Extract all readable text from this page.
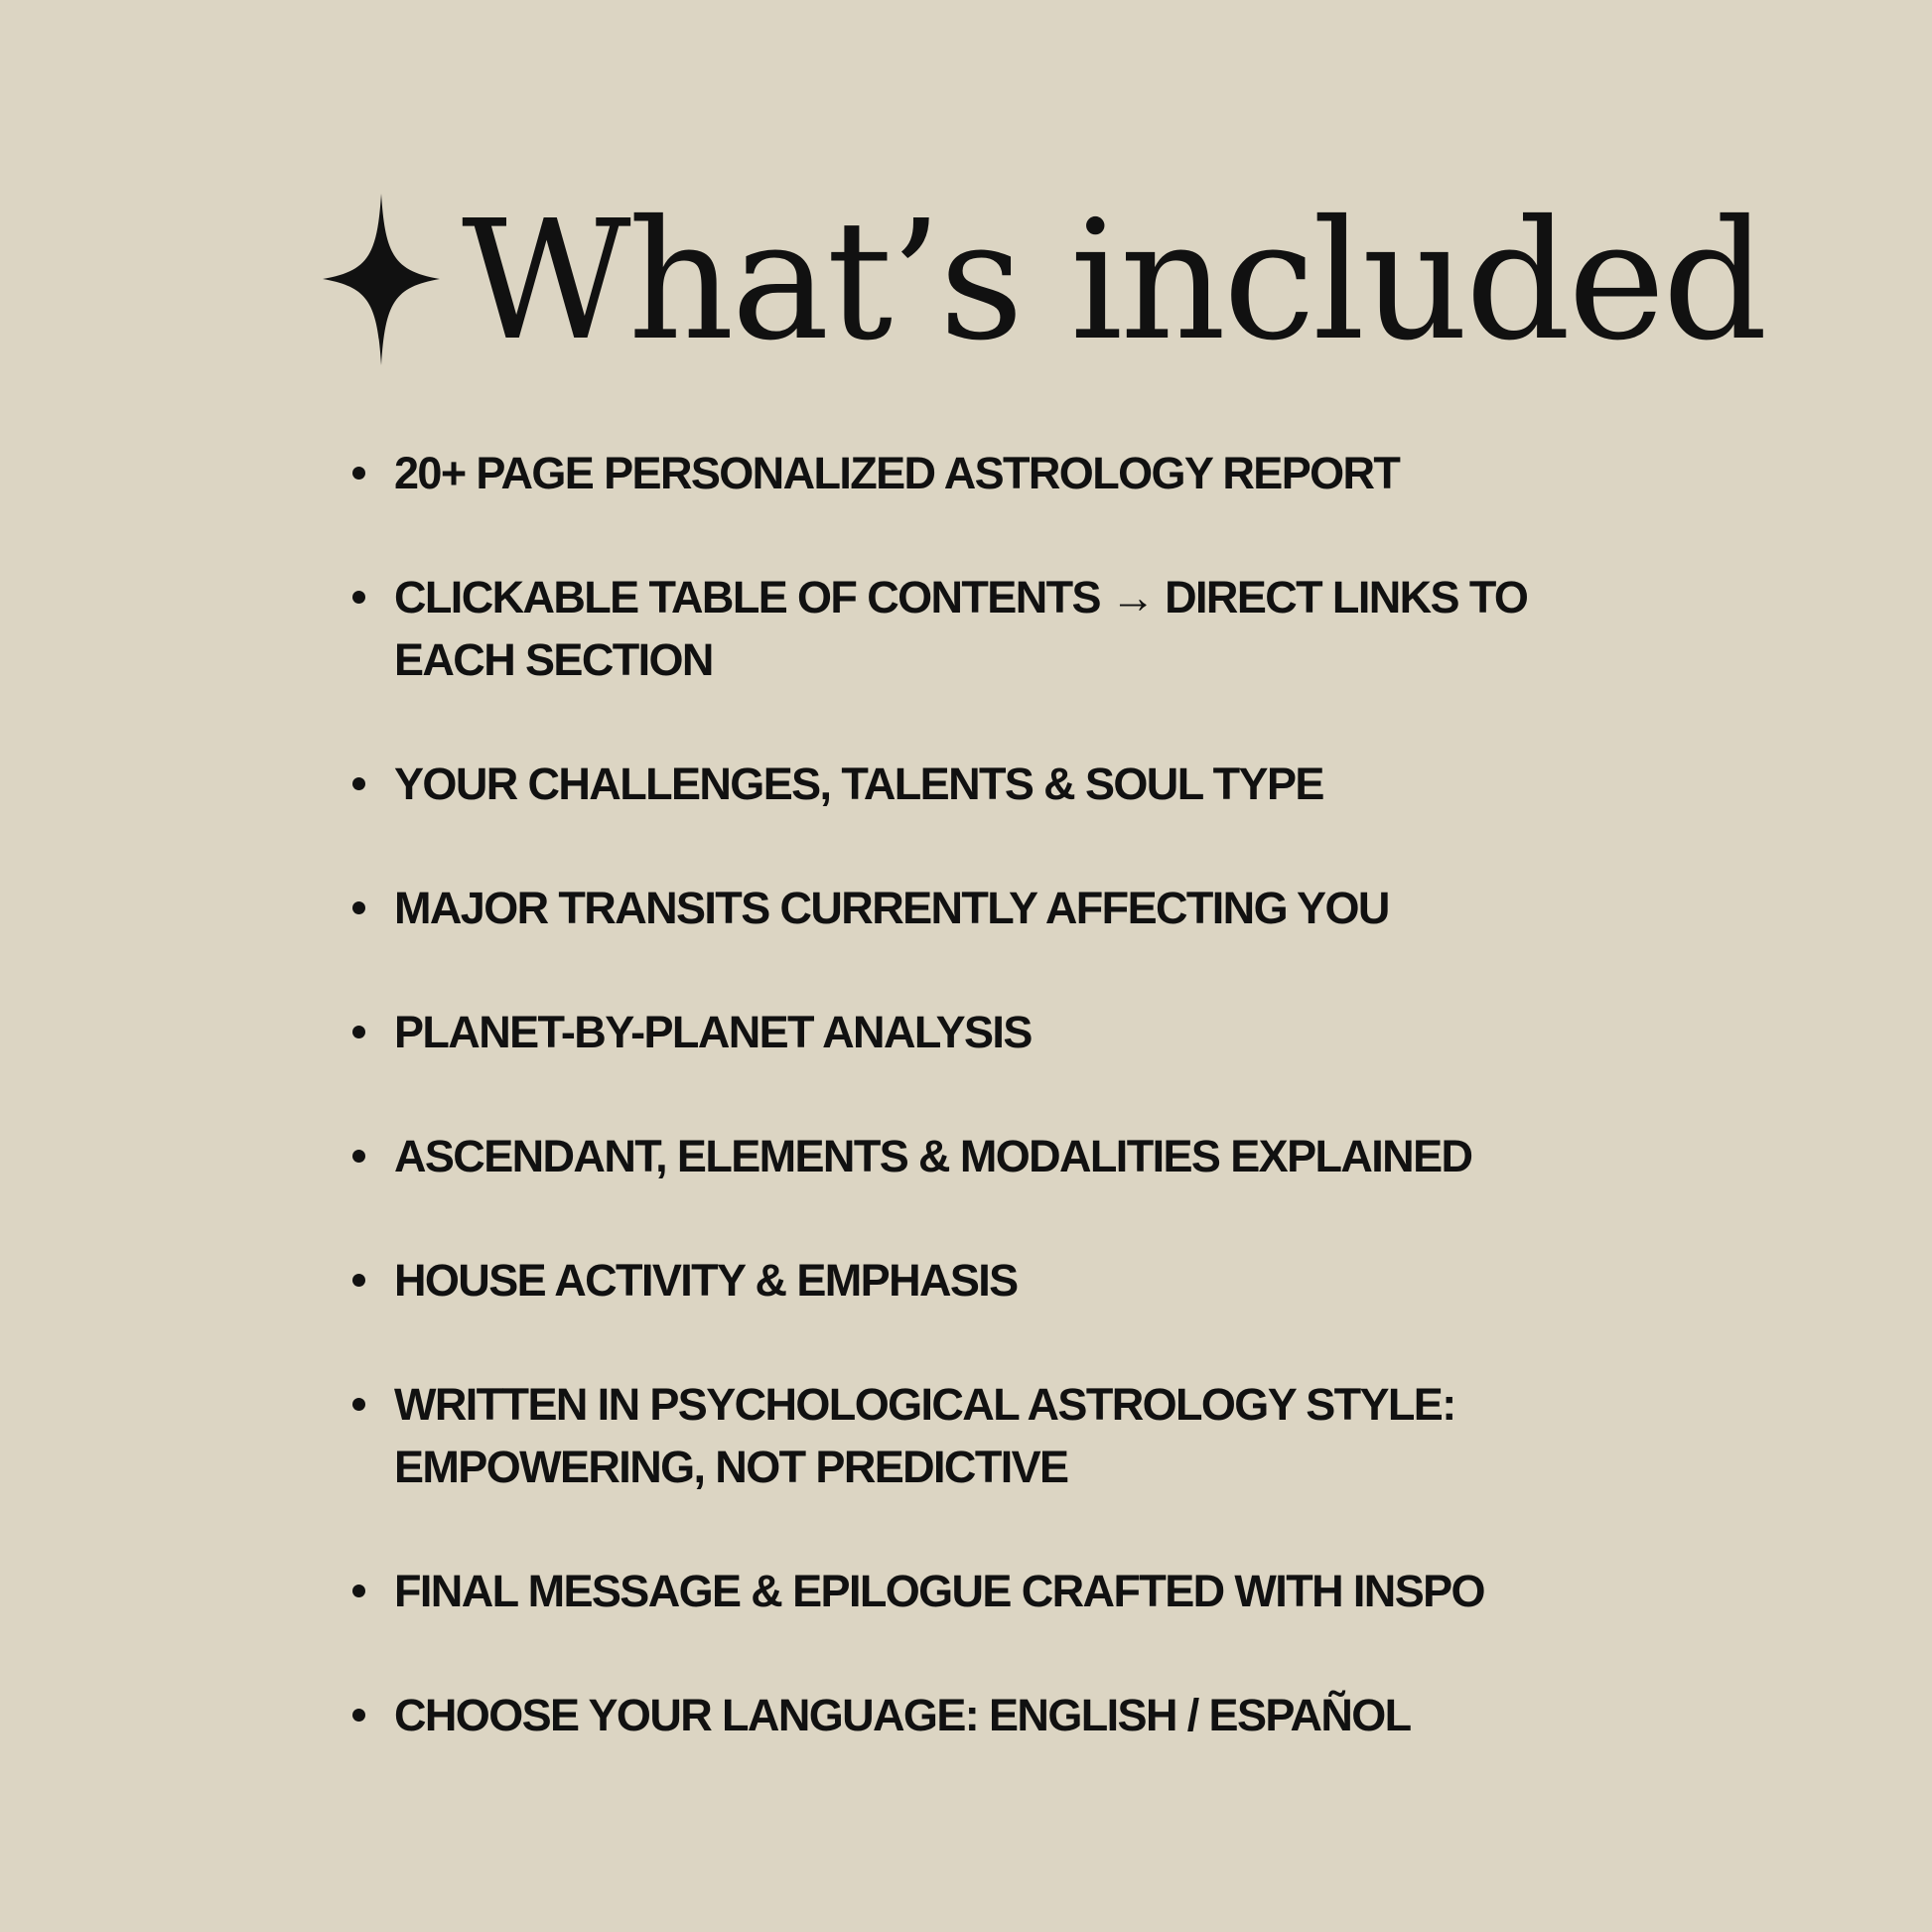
What’s included
20+ PAGE PERSONALIZED ASTROLOGY REPORT
CLICKABLE TABLE OF CONTENTS → DIRECT LINKS TO EACH SECTION
YOUR CHALLENGES, TALENTS & SOUL TYPE
MAJOR TRANSITS CURRENTLY AFFECTING YOU
PLANET-BY-PLANET ANALYSIS
ASCENDANT, ELEMENTS & MODALITIES EXPLAINED
HOUSE ACTIVITY & EMPHASIS
WRITTEN IN PSYCHOLOGICAL ASTROLOGY STYLE: EMPOWERING, NOT PREDICTIVE
FINAL MESSAGE & EPILOGUE CRAFTED WITH INSPO
CHOOSE YOUR LANGUAGE: ENGLISH / ESPAÑOL
